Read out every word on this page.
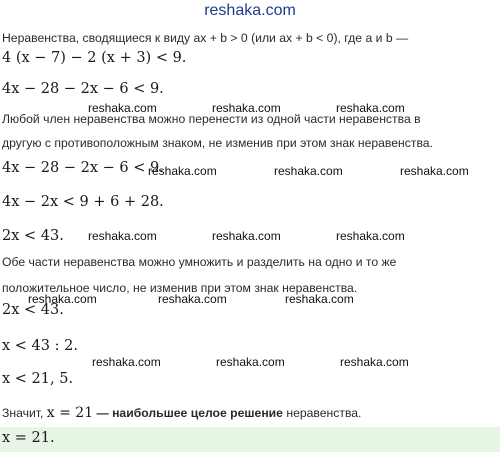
reshaka.com
Неравенства, сводящиеся к виду ax + b > 0 (или ax + b < 0), где a и b —
4 (x − 7) − 2 (x + 3) < 9.
4x − 28 − 2x − 6 < 9.
reshaka.com	reshaka.com	reshaka.com
Любой член неравенства можно перенести из одной части неравенства в
другую с противоположным знаком, не изменив при этом знак неравенства.
4x − 28 − 2x − 6 < 9.
reshaka.com	reshaka.com	reshaka.com
4x − 2x < 9 + 6 + 28.
2x < 43. reshaka.com	reshaka.com	reshaka.com
Обе части неравенства можно умножить и разделить на одно и то же
положительное число, не изменив при этом знак неравенства.
reshaka.com	reshaka.com	reshaka.com
2x < 43.
x < 43 : 2.
reshaka.com	reshaka.com	reshaka.com
x < 21, 5.
Значит, x = 21 — наибольшее целое решение неравенства.
x = 21.
